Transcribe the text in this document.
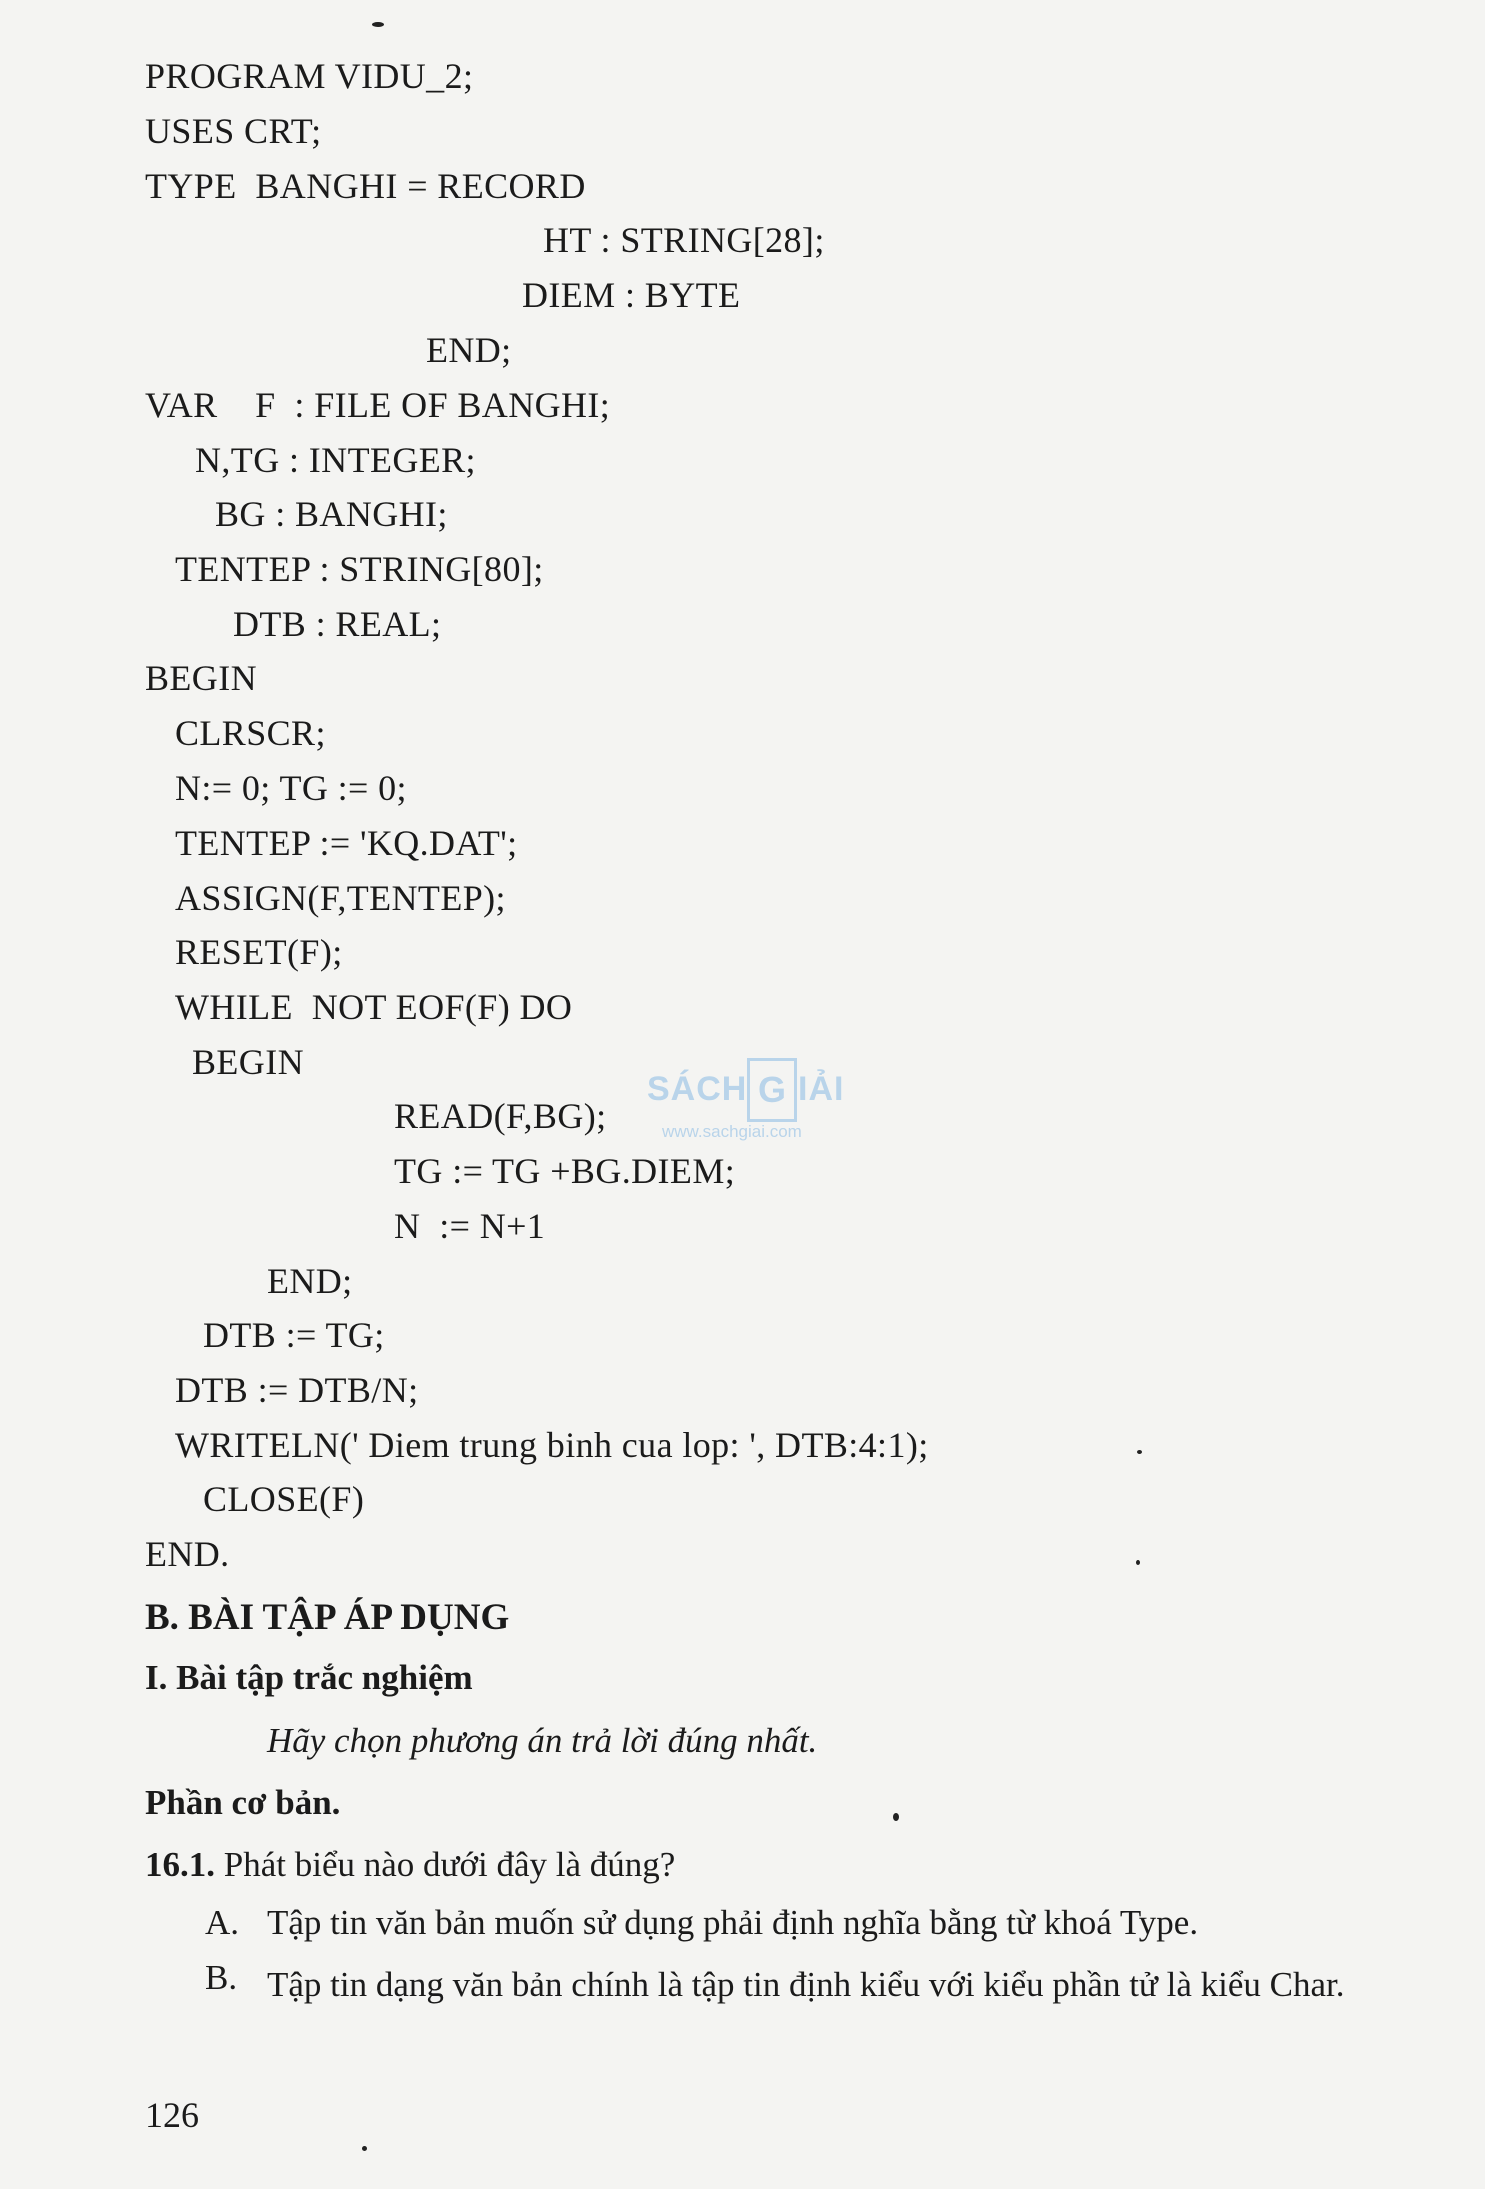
PROGRAM VIDU_2;
USES CRT;
TYPE  BANGHI = RECORD
HT : STRING[28];
DIEM : BYTE
END;
VAR    F  : FILE OF BANGHI;
N,TG : INTEGER;
BG : BANGHI;
TENTEP : STRING[80];
DTB : REAL;
BEGIN
CLRSCR;
N:= 0; TG := 0;
TENTEP := 'KQ.DAT';
ASSIGN(F,TENTEP);
RESET(F);
WHILE  NOT EOF(F) DO
BEGIN
READ(F,BG);
TG := TG +BG.DIEM;
N  := N+1
END;
DTB := TG;
DTB := DTB/N;
WRITELN(' Diem trung binh cua lop: ', DTB:4:1);
CLOSE(F)
END.
SÁCH G IẢI
www.sachgiai.com
B. BÀI TẬP ÁP DỤNG
I. Bài tập trắc nghiệm
Hãy chọn phương án trả lời đúng nhất.
Phần cơ bản.
16.1. Phát biểu nào dưới đây là đúng?
A. Tập tin văn bản muốn sử dụng phải định nghĩa bằng từ khoá Type.
B. Tập tin dạng văn bản chính là tập tin định kiểu với kiểu phần tử là kiểu Char.
126
